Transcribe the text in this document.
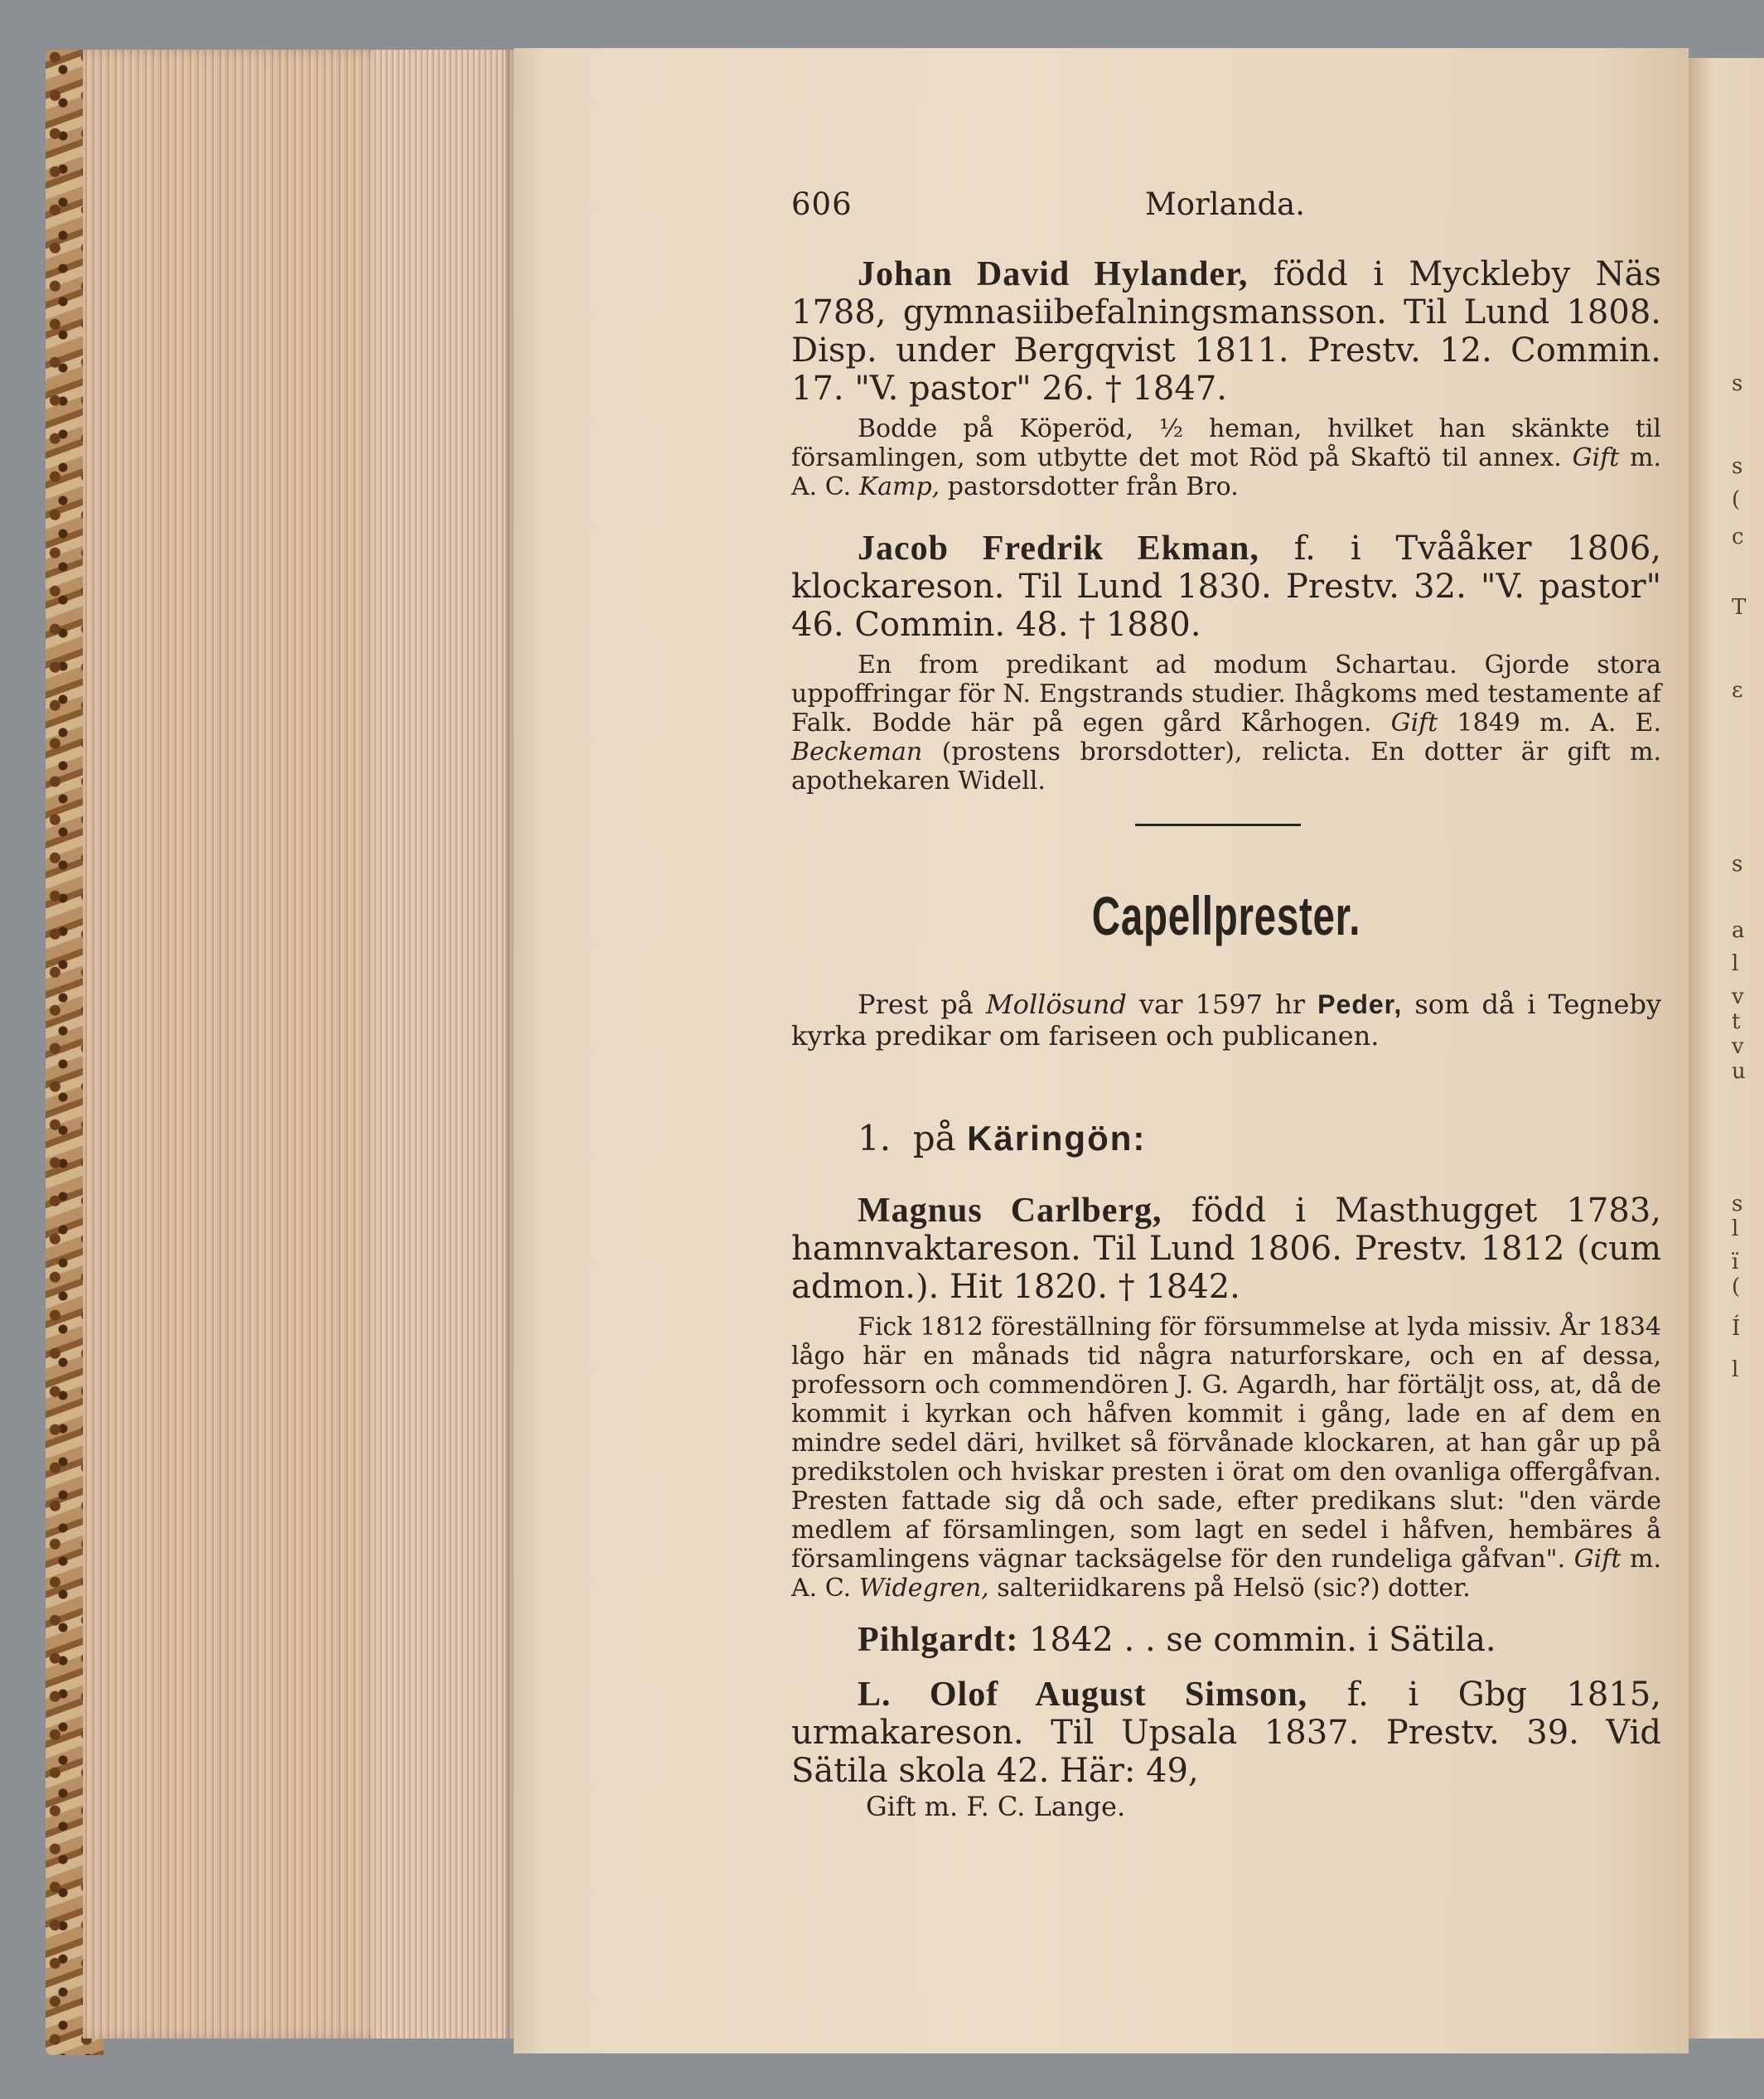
s
s
(
c
T
ε
s
a
l
v
t
v
u
s
l
ï
(
Í
l
606	Morlanda.

Johan David Hylander, född i Myckleby Näs 1788, gymnasiibefalningsmansson. Til Lund 1808. Disp. under Bergqvist 1811. Prestv. 12. Commin. 17. "V. pastor" 26. † 1847.

Bodde på Köperöd, ½ heman, hvilket han skänkte til församlingen, som utbytte det mot Röd på Skaftö til annex. Gift m. A. C. Kamp, pastorsdotter från Bro.

Jacob Fredrik Ekman, f. i Tvååker 1806, klockareson. Til Lund 1830. Prestv. 32. "V. pastor" 46. Commin. 48. † 1880.

En from predikant ad modum Schartau. Gjorde stora uppoffringar för N. Engstrands studier. Ihågkoms med testamente af Falk. Bodde här på egen gård Kårhogen. Gift 1849 m. A. E. Beckeman (prostens brorsdotter), relicta. En dotter är gift m. apothekaren Widell.

Capellprester.

Prest på Mollösund var 1597 hr Peder, som då i Tegneby kyrka predikar om fariseen och publicanen.

1. på Käringön:

Magnus Carlberg, född i Masthugget 1783, hamnvaktareson. Til Lund 1806. Prestv. 1812 (cum admon.). Hit 1820. † 1842.

Fick 1812 föreställning för försummelse at lyda missiv. År 1834 lågo här en månads tid några naturforskare, och en af dessa, professorn och commendören J. G. Agardh, har förtäljt oss, at, då de kommit i kyrkan och håfven kommit i gång, lade en af dem en mindre sedel däri, hvilket så förvånade klockaren, at han går up på predikstolen och hviskar presten i örat om den ovanliga offergåfvan. Presten fattade sig då och sade, efter predikans slut: "den värde medlem af församlingen, som lagt en sedel i håfven, hembäres å församlingens vägnar tacksägelse för den rundeliga gåfvan". Gift m. A. C. Widegren, salteriidkarens på Helsö (sic?) dotter.

Pihlgardt: 1842 . . se commin. i Sätila.

L. Olof August Simson, f. i Gbg 1815, urmakareson. Til Upsala 1837. Prestv. 39. Vid Sätila skola 42. Här: 49,

Gift m. F. C. Lange.
